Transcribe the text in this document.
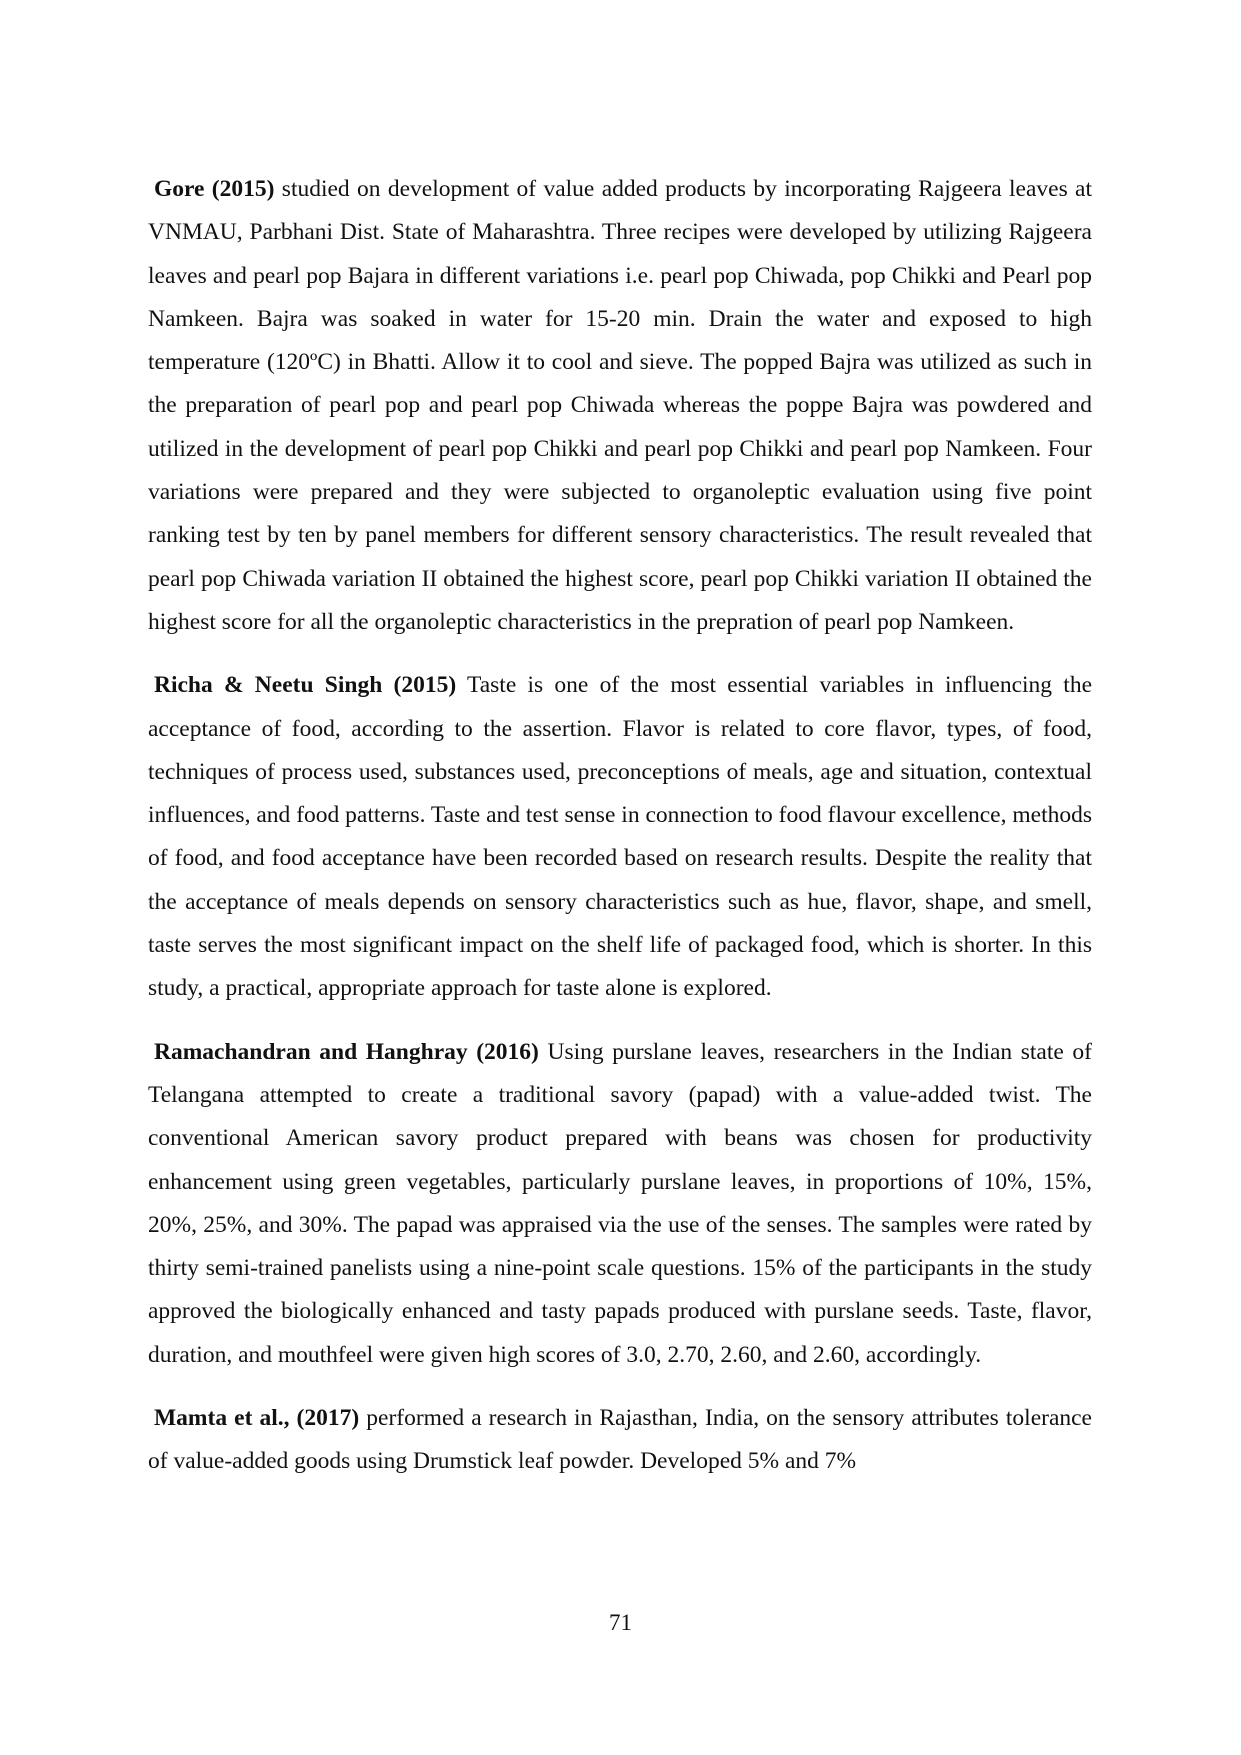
Gore (2015) studied on development of value added products by incorporating Rajgeera leaves at VNMAU, Parbhani Dist. State of Maharashtra. Three recipes were developed by utilizing Rajgeera leaves and pearl pop Bajara in different variations i.e. pearl pop Chiwada, pop Chikki and Pearl pop Namkeen. Bajra was soaked in water for 15-20 min. Drain the water and exposed to high temperature (120ºC) in Bhatti. Allow it to cool and sieve. The popped Bajra was utilized as such in the preparation of pearl pop and pearl pop Chiwada whereas the poppe Bajra was powdered and utilized in the development of pearl pop Chikki and pearl pop Chikki and pearl pop Namkeen. Four variations were prepared and they were subjected to organoleptic evaluation using five point ranking test by ten by panel members for different sensory characteristics. The result revealed that pearl pop Chiwada variation II obtained the highest score, pearl pop Chikki variation II obtained the highest score for all the organoleptic characteristics in the prepration of pearl pop Namkeen.

Richa & Neetu Singh (2015) Taste is one of the most essential variables in influencing the acceptance of food, according to the assertion. Flavor is related to core flavor, types, of food, techniques of process used, substances used, preconceptions of meals, age and situation, contextual influences, and food patterns. Taste and test sense in connection to food flavour excellence, methods of food, and food acceptance have been recorded based on research results. Despite the reality that the acceptance of meals depends on sensory characteristics such as hue, flavor, shape, and smell, taste serves the most significant impact on the shelf life of packaged food, which is shorter. In this study, a practical, appropriate approach for taste alone is explored.

Ramachandran and Hanghray (2016) Using purslane leaves, researchers in the Indian state of Telangana attempted to create a traditional savory (papad) with a value-added twist. The conventional American savory product prepared with beans was chosen for productivity enhancement using green vegetables, particularly purslane leaves, in proportions of 10%, 15%, 20%, 25%, and 30%. The papad was appraised via the use of the senses. The samples were rated by thirty semi-trained panelists using a nine-point scale questions. 15% of the participants in the study approved the biologically enhanced and tasty papads produced with purslane seeds. Taste, flavor, duration, and mouthfeel were given high scores of 3.0, 2.70, 2.60, and 2.60, accordingly.

Mamta et al., (2017) performed a research in Rajasthan, India, on the sensory attributes tolerance of value-added goods using Drumstick leaf powder. Developed 5% and 7%

71
